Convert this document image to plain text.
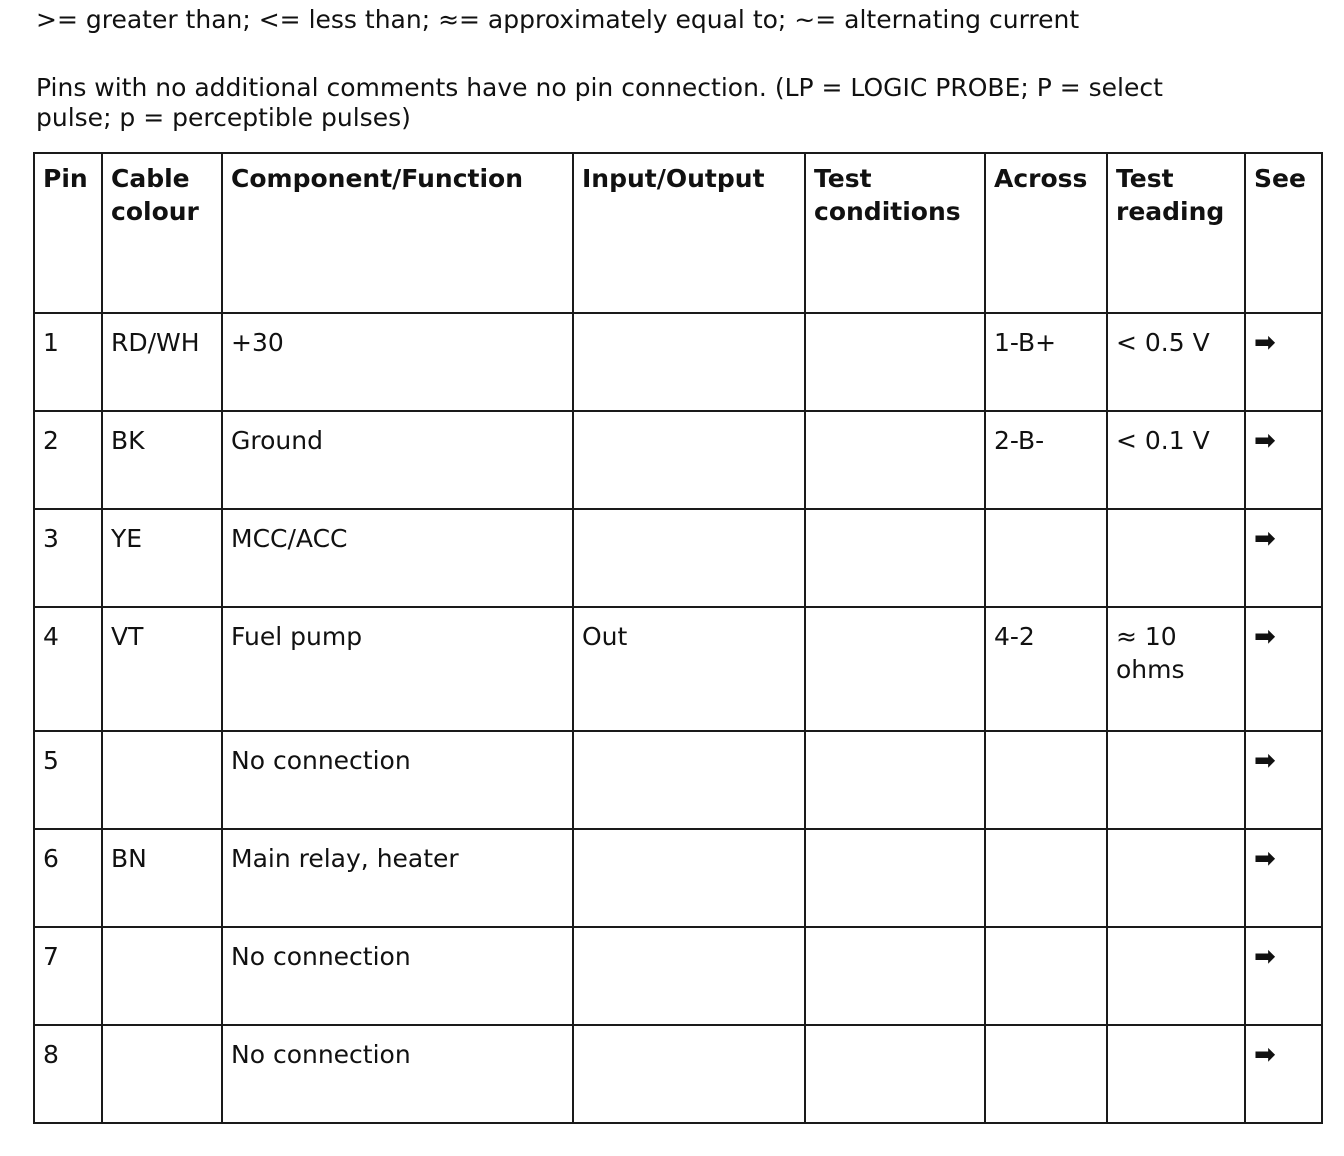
>= greater than; <= less than; ≈= approximately equal to; ~= alternating current

Pins with no additional comments have no pin connection. (LP = LOGIC PROBE; P = select

pulse; p = perceptible pulses)

Pin	Cable colour	Component/Function	Input/Output	Test conditions	Across	Test reading	See
1	RD/WH	+30			1-B+	< 0.5 V	➡
2	BK	Ground			2-B-	< 0.1 V	➡
3	YE	MCC/ACC					➡
4	VT	Fuel pump	Out		4-2	≈ 10 ohms	➡
5		No connection					➡
6	BN	Main relay, heater					➡
7		No connection					➡
8		No connection					➡
